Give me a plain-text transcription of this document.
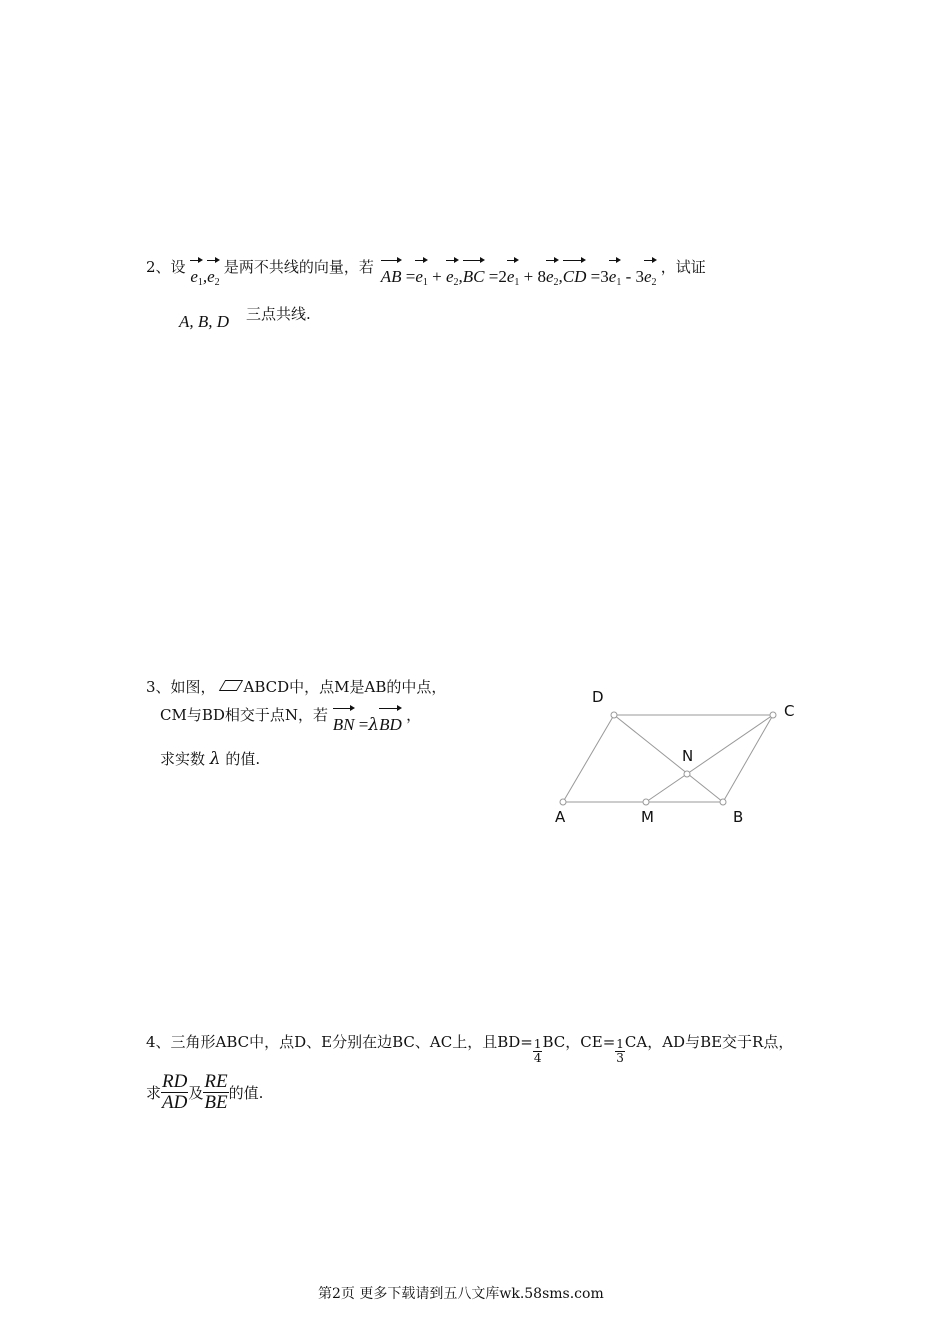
2、设 $e_1,e_2$ 是两不共线的向量，若 AB $=e_1 + e_2,BC =2e_1 + 8e_2,CD =3e_1 - 3e_2$ ，试证
A, B, D 三点共线.
3、如图， ABCD中，点M是AB的中点，
CM与BD相交于点N，若 BN =λBD ，
求实数 λ 的值.
A	M	B
C
D
N
4、三角形ABC中，点D、E分别在边BC、AC上，且$BD= \frac{1}{4}$ BC，$CE= \frac{1}{3}$ CA，AD与BE交于R点，
求 $\frac{RD}{AD}$ 及 $\frac{RE}{BE}$ 的值.
第2页 更多下载请到五八文库wk.58sms.com
